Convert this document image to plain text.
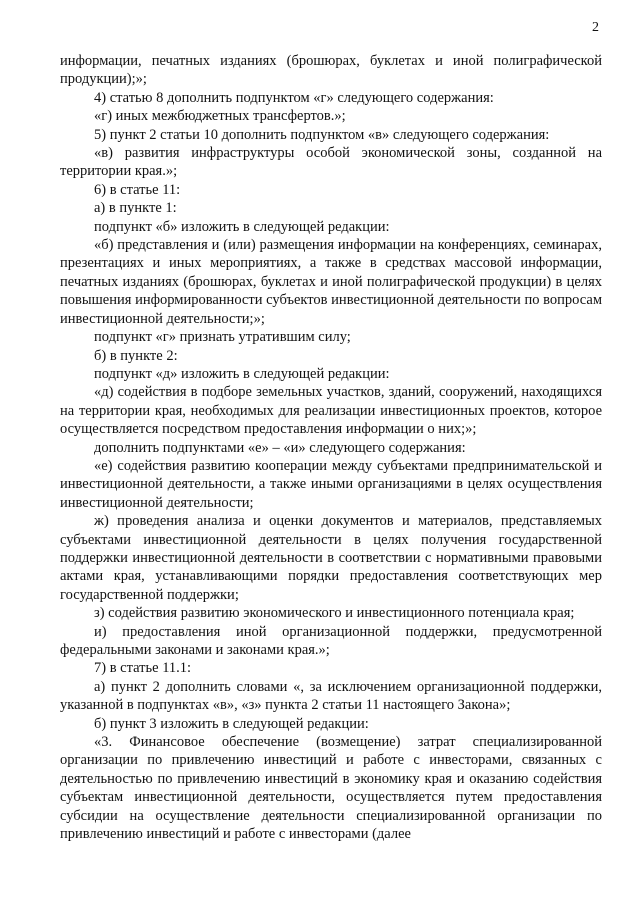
2

информации, печатных изданиях (брошюрах, буклетах и иной полиграфической продукции);»;

4) статью 8 дополнить подпунктом «г» следующего содержания:

«г) иных межбюджетных трансфертов.»;

5) пункт 2 статьи 10 дополнить подпунктом «в» следующего содержания:

«в) развития инфраструктуры особой экономической зоны, созданной на территории края.»;

6) в статье 11:

а) в пункте 1:

подпункт «б» изложить в следующей редакции:

«б) представления и (или) размещения информации на конференциях, семинарах, презентациях и иных мероприятиях, а также в средствах массовой информации, печатных изданиях (брошюрах, буклетах и иной полиграфической продукции) в целях повышения информированности субъектов инвестиционной деятельности по вопросам инвестиционной деятельности;»;

подпункт «г» признать утратившим силу;

б) в пункте 2:

подпункт «д» изложить в следующей редакции:

«д) содействия в подборе земельных участков, зданий, сооружений, находящихся на территории края, необходимых для реализации инвестиционных проектов, которое осуществляется посредством предоставления информации о них;»;

дополнить подпунктами «е» – «и» следующего содержания:

«е) содействия развитию кооперации между субъектами предпринимательской и инвестиционной деятельности, а также иными организациями в целях осуществления инвестиционной деятельности;

ж) проведения анализа и оценки документов и материалов, представляемых субъектами инвестиционной деятельности в целях получения государственной поддержки инвестиционной деятельности в соответствии с нормативными правовыми актами края, устанавливающими порядки предоставления соответствующих мер государственной поддержки;

з) содействия развитию экономического и инвестиционного потенциала края;

и) предоставления иной организационной поддержки, предусмотренной федеральными законами и законами края.»;

7) в статье 11.1:

а) пункт 2 дополнить словами «, за исключением организационной поддержки, указанной в подпунктах «в», «з» пункта 2 статьи 11 настоящего Закона»;

б) пункт 3 изложить в следующей редакции:

«3. Финансовое обеспечение (возмещение) затрат специализированной организации по привлечению инвестиций и работе с инвесторами, связанных с деятельностью по привлечению инвестиций в экономику края и оказанию содействия субъектам инвестиционной деятельности, осуществляется путем предоставления субсидии на осуществление деятельности специализированной организации по привлечению инвестиций и работе с инвесторами (далее
